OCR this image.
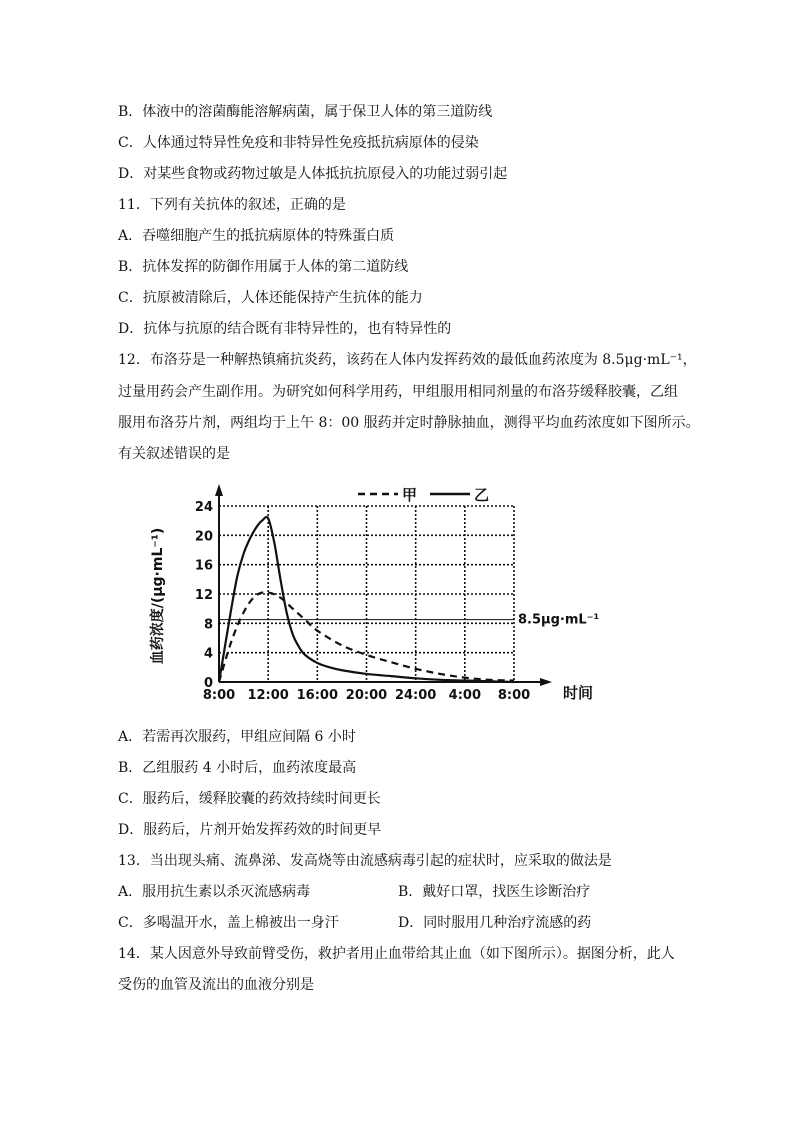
B．体液中的溶菌酶能溶解病菌，属于保卫人体的第三道防线
C．人体通过特异性免疫和非特异性免疫抵抗病原体的侵染
D．对某些食物或药物过敏是人体抵抗抗原侵入的功能过弱引起
11．下列有关抗体的叙述，正确的是
A．吞噬细胞产生的抵抗病原体的特殊蛋白质
B．抗体发挥的防御作用属于人体的第二道防线
C．抗原被清除后，人体还能保持产生抗体的能力
D．抗体与抗原的结合既有非特异性的，也有特异性的
12．布洛芬是一种解热镇痛抗炎药，该药在人体内发挥药效的最低血药浓度为 8.5μg·mL⁻¹，
过量用药会产生副作用。为研究如何科学用药，甲组服用相同剂量的布洛芬缓释胶囊，乙组
服用布洛芬片剂，两组均于上午 8：00 服药并定时静脉抽血，测得平均血药浓度如下图所示。
有关叙述错误的是
8.5μg·mL⁻¹
0
4
8
12
16
20
24
8:00 12:00 16:00 20:00 24:00 4:00 8:00
甲	乙
血药浓度/(μg·mL⁻¹)
时间
A．若需再次服药，甲组应间隔 6 小时
B．乙组服药 4 小时后，血药浓度最高
C．服药后，缓释胶囊的药效持续时间更长
D．服药后，片剂开始发挥药效的时间更早
13．当出现头痛、流鼻涕、发高烧等由流感病毒引起的症状时，应采取的做法是
A．服用抗生素以杀灭流感病毒	B．戴好口罩，找医生诊断治疗
C．多喝温开水，盖上棉被出一身汗	D．同时服用几种治疗流感的药
14．某人因意外导致前臂受伤，救护者用止血带给其止血（如下图所示）。据图分析，此人
受伤的血管及流出的血液分别是
